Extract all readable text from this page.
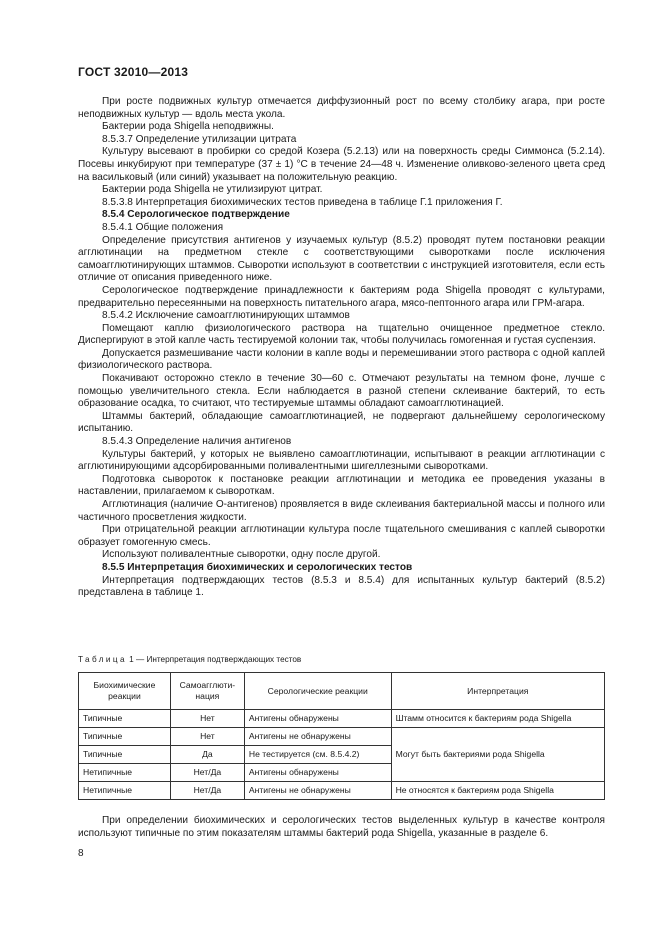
ГОСТ 32010—2013

При росте подвижных культур отмечается диффузионный рост по всему столбику агара, при росте неподвижных культур — вдоль места укола.

Бактерии рода Shigella неподвижны.

8.5.3.7 Определение утилизации цитрата

Культуру высевают в пробирки со средой Козера (5.2.13) или на поверхность среды Симмонса (5.2.14). Посевы инкубируют при температуре (37 ± 1) °С в течение 24—48 ч. Изменение оливково-зеленого цвета сред на васильковый (или синий) указывает на положительную реакцию.

Бактерии рода Shigella не утилизируют цитрат.

8.5.3.8 Интерпретация биохимических тестов приведена в таблице Г.1 приложения Г.

8.5.4 Серологическое подтверждение

8.5.4.1 Общие положения

Определение присутствия антигенов у изучаемых культур (8.5.2) проводят путем постановки реакции агглютинации на предметном стекле с соответствующими сыворотками после исключения самоагглютинирующих штаммов. Сыворотки используют в соответствии с инструкцией изготовителя, если есть отличие от описания приведенного ниже.

Серологическое подтверждение принадлежности к бактериям рода Shigella проводят с культурами, предварительно пересеянными на поверхность питательного агара, мясо-пептонного агара или ГРМ-агара.

8.5.4.2 Исключение самоагглютинирующих штаммов

Помещают каплю физиологического раствора на тщательно очищенное предметное стекло. Диспергируют в этой капле часть тестируемой колонии так, чтобы получилась гомогенная и густая суспензия.

Допускается размешивание части колонии в капле воды и перемешивании этого раствора с одной каплей физиологического раствора.

Покачивают осторожно стекло в течение 30—60 с. Отмечают результаты на темном фоне, лучше с помощью увеличительного стекла. Если наблюдается в разной степени склеивание бактерий, то есть образование осадка, то считают, что тестируемые штаммы обладают самоагглютинацией.

Штаммы бактерий, обладающие самоагглютинацией, не подвергают дальнейшему серологическому испытанию.

8.5.4.3 Определение наличия антигенов

Культуры бактерий, у которых не выявлено самоагглютинации, испытывают в реакции агглютинации с агглютинирующими адсорбированными поливалентными шигеллезными сыворотками.

Подготовка сывороток к постановке реакции агглютинации и методика ее проведения указаны в наставлении, прилагаемом к сывороткам.

Агглютинация (наличие О-антигенов) проявляется в виде склеивания бактериальной массы и полного или частичного просветления жидкости.

При отрицательной реакции агглютинации культура после тщательного смешивания с каплей сыворотки образует гомогенную смесь.

Используют поливалентные сыворотки, одну после другой.

8.5.5 Интерпретация биохимических и серологических тестов

Интерпретация подтверждающих тестов (8.5.3 и 8.5.4) для испытанных культур бактерий (8.5.2) представлена в таблице 1.

Таблица 1 — Интерпретация подтверждающих тестов
Биохимические реакции	Самоагглюти-нация	Серологические реакции	Интерпретация
Типичные	Нет	Антигены обнаружены	Штамм относится к бактериям рода Shigella
Типичные	Нет	Антигены не обнаружены	Могут быть бактериями рода Shigella
Типичные	Да	Не тестируется (см. 8.5.4.2)	
Нетипичные	Нет/Да	Антигены обнаружены	
Нетипичные	Нет/Да	Антигены не обнаружены	Не относятся к бактериям рода Shigella

При определении биохимических и серологических тестов выделенных культур в качестве контроля используют типичные по этим показателям штаммы бактерий рода Shigella, указанные в разделе 6.

8
